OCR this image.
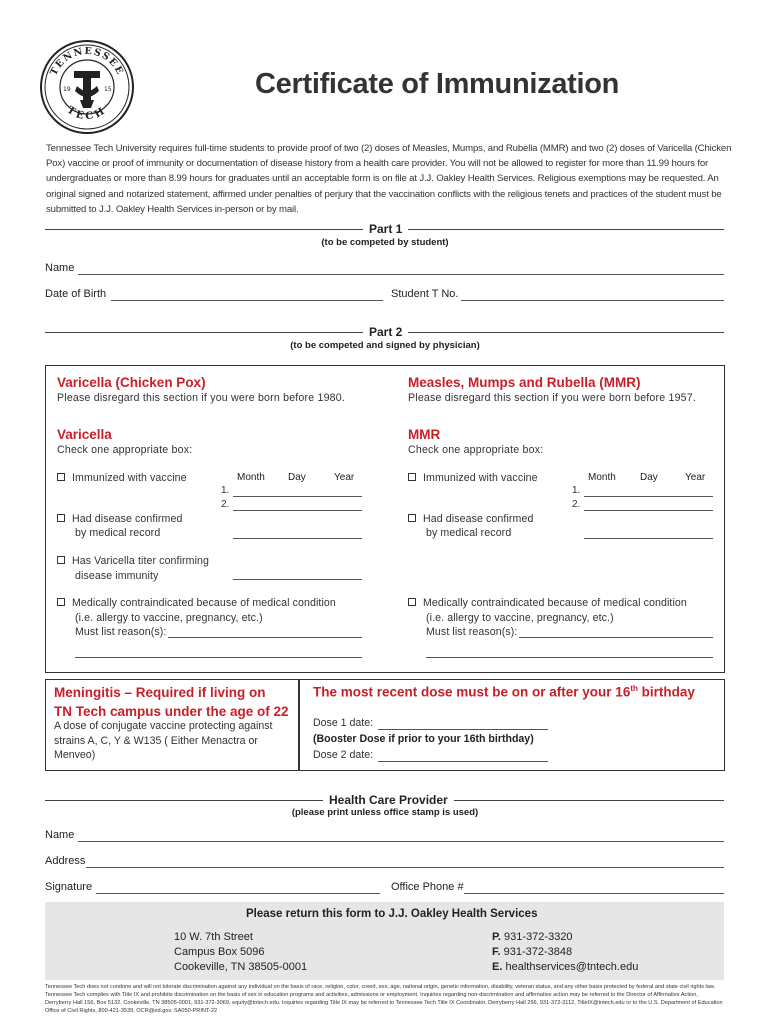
TENNESSEE
TECH
19	15	Certificate of Immunization
Tennessee Tech University requires full-time students to provide proof of two (2) doses of Measles, Mumps, and Rubella (MMR) and two (2) doses of Varicella (Chicken Pox) vaccine or proof of immunity or documentation of disease history from a health care provider. You will not be allowed to register for more than 11.99 hours for undergraduates or more than 8.99 hours for graduates until an acceptable form is on file at J.J. Oakley Health Services. Religious exemptions may be requested. An original signed and notarized statement, affirmed under penalties of perjury that the vaccination conflicts with the religious tenets and practices of the student must be submitted to J.J. Oakley Health Services in-person or by mail.
Part 1
(to be competed by student)
Name
Date of Birth	Student T No.
Part 2
(to be competed and signed by physician)
Varicella (Chicken Pox)
Please disregard this section if you were born before 1980.
Varicella
Check one appropriate box:
Immunized with vaccine	Month Day	Year
1.
2.
Had disease confirmed
by medical record
Has Varicella titer confirming
disease immunity
Medically contraindicated because of medical condition
(i.e. allergy to vaccine, pregnancy, etc.)
Must list reason(s):
Measles, Mumps and Rubella (MMR)
Please disregard this section if you were born before 1957.
MMR
Check one appropriate box:
Immunized with vaccine	Month Day	Year
1.
2.
Had disease confirmed
by medical record
Medically contraindicated because of medical condition
(i.e. allergy to vaccine, pregnancy, etc.)
Must list reason(s):
Meningitis – Required if living on
TN Tech campus under the age of 22
A dose of conjugate vaccine protecting against strains A, C, Y & W135 ( Either Menactra or Menveo)
The most recent dose must be on or after your 16th birthday
Dose 1 date:
(Booster Dose if prior to your 16th birthday)
Dose 2 date:
Health Care Provider
(please print unless office stamp is used)
Name
Address
Signature	Office Phone #
Please return this form to J.J. Oakley Health Services
10 W. 7th Street
Campus Box 5096
Cookeville, TN 38505-0001
P. 931-372-3320
F. 931-372-3848
E. healthservices@tntech.edu
Tennessee Tech does not condone and will not tolerate discrimination against any individual on the basis of race, religion, color, creed, sex, age, national origin, genetic information, disability, veteran status, and any other basis protected by federal and state civil rights law. Tennessee Tech complies with Title IX and prohibits discrimination on the basis of sex in education programs and activities, admissions or employment. Inquiries regarding non-discrimination and affirmative action may be referred to the Director of Affirmative Action, Derryberry Hall 156, Box 5132, Cookeville, TN 38505-0001, 931-372-3069, equity@tntech.edu. Inquiries regarding Title IX may be referred to Tennessee Tech Title IX Coordinator, Derryberry Hall 256, 931-372-3112, TitleIX@tntech.edu or to the U.S. Department of Education Office of Civil Rights, 800-421-3539, OCR@ed.gov. SA050-PRINT-22
